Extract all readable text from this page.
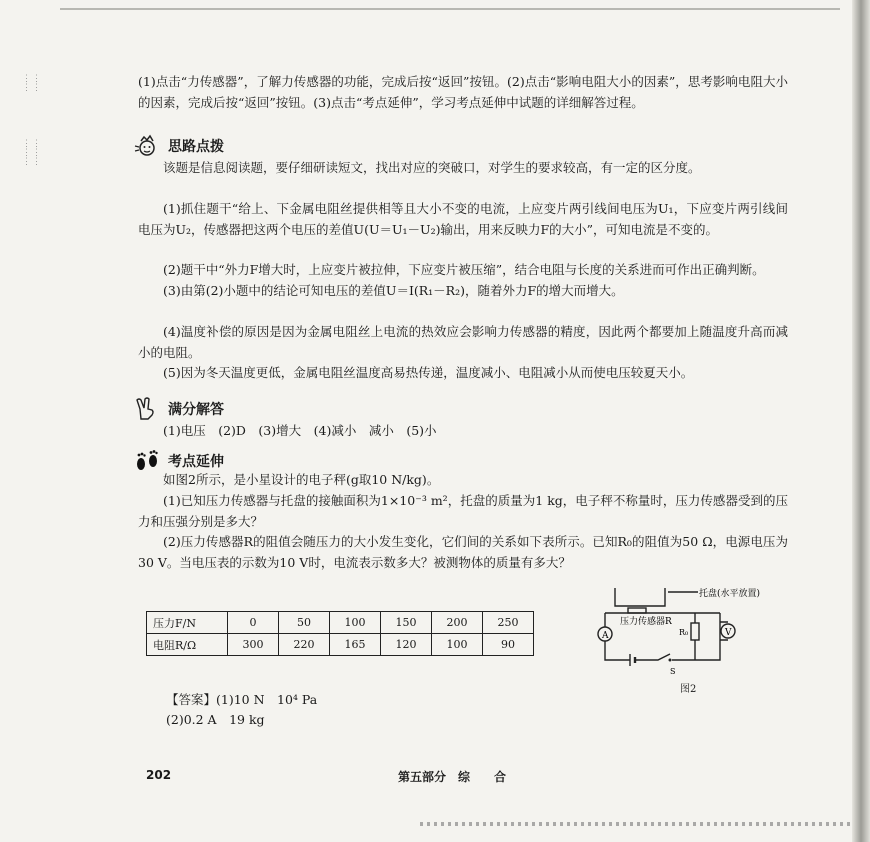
⋮⋮
⋮⋮
⋮⋮
⋮⋮
⋮⋮

(1)点击“力传感器”，了解力传感器的功能，完成后按“返回”按钮。(2)点击“影响电阻大小的因素”，思考影响电阻大小的因素，完成后按“返回”按钮。(3)点击“考点延伸”，学习考点延伸中试题的详细解答过程。

思路点拨

该题是信息阅读题，要仔细研读短文，找出对应的突破口，对学生的要求较高，有一定的区分度。

(1)抓住题干“给上、下金属电阻丝提供相等且大小不变的电流，上应变片两引线间电压为U₁，下应变片两引线间电压为U₂，传感器把这两个电压的差值U(U＝U₁－U₂)输出，用来反映力F的大小”，可知电流是不变的。

(2)题干中“外力F增大时，上应变片被拉伸，下应变片被压缩”，结合电阻与长度的关系进而可作出正确判断。

(3)由第(2)小题中的结论可知电压的差值U＝I(R₁－R₂)，随着外力F的增大而增大。

(4)温度补偿的原因是因为金属电阻丝上电流的热效应会影响力传感器的精度，因此两个都要加上随温度升高而减小的电阻。

(5)因为冬天温度更低，金属电阻丝温度高易热传递，温度减小、电阻减小从而使电压较夏天小。

满分解答

(1)电压　(2)D　(3)增大　(4)减小　减小　(5)小

考点延伸

如图2所示，是小星设计的电子秤(g取10 N/kg)。

(1)已知压力传感器与托盘的接触面积为1×10⁻³ m²，托盘的质量为1 kg，电子秤不称量时，压力传感器受到的压力和压强分别是多大？

(2)压力传感器R的阻值会随压力的大小发生变化，它们间的关系如下表所示。已知R₀的阻值为50 Ω，电源电压为30 V。当电压表的示数为10 V时，电流表示数多大？被测物体的质量有多大？

压力F/N	0	50	100	150	200	250
电阻R/Ω	300	220	165	120	100	90
A	V
托盘(水平放置)
压力传感器R
R₀
S
图2

【答案】(1)10 N　10⁴ Pa

(2)0.2 A　19 kg

202	第五部分　综　　合
